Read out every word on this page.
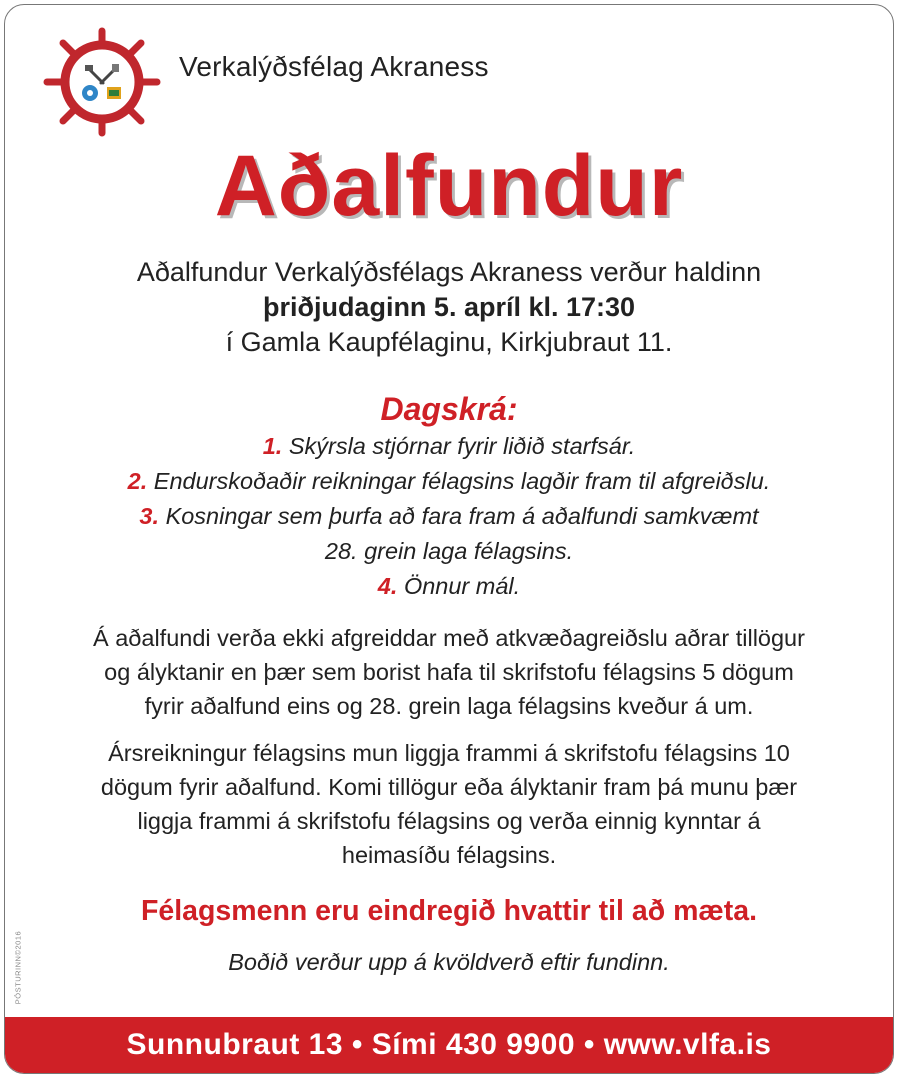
Verkalýðsfélag Akraness
Aðalfundur
Aðalfundur Verkalýðsfélags Akraness verður haldinn
þriðjudaginn 5. apríl kl. 17:30
í Gamla Kaupfélaginu, Kirkjubraut 11.
Dagskrá:
1. Skýrsla stjórnar fyrir liðið starfsár.
2. Endurskoðaðir reikningar félagsins lagðir fram til afgreiðslu.
3. Kosningar sem þurfa að fara fram á aðalfundi samkvæmt
28. grein laga félagsins.
4. Önnur mál.
Á aðalfundi verða ekki afgreiddar með atkvæðagreiðslu aðrar tillögur
og ályktanir en þær sem borist hafa til skrifstofu félagsins 5 dögum
fyrir aðalfund eins og 28. grein laga félagsins kveður á um.
Ársreikningur félagsins mun liggja frammi á skrifstofu félagsins 10
dögum fyrir aðalfund. Komi tillögur eða ályktanir fram þá munu þær
liggja frammi á skrifstofu félagsins og verða einnig kynntar á
heimasíðu félagsins.
Félagsmenn eru eindregið hvattir til að mæta.
Boðið verður upp á kvöldverð eftir fundinn.
PÓSTURINN©2016
Sunnubraut 13 • Sími 430 9900 • www.vlfa.is
